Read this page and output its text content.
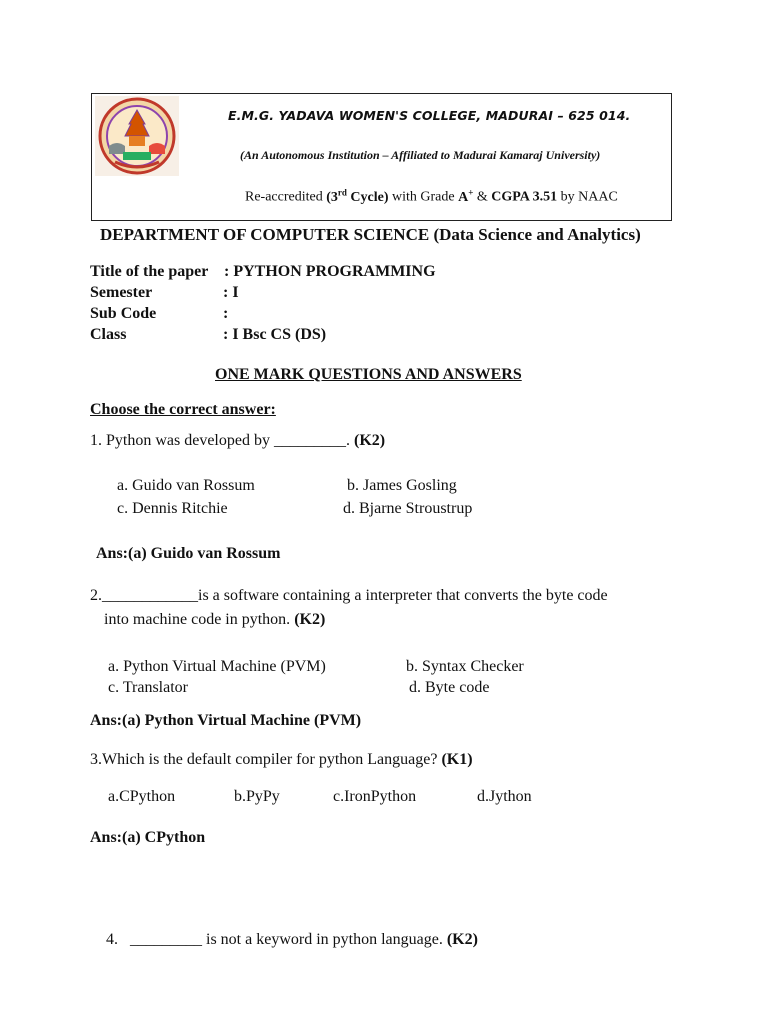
E.M.G. YADAVA WOMEN'S COLLEGE, MADURAI – 625 014.
(An Autonomous Institution – Affiliated to Madurai Kamaraj University)
Re-accredited (3rd Cycle) with Grade A+ & CGPA 3.51 by NAAC
DEPARTMENT OF COMPUTER SCIENCE (Data Science and Analytics)
Title of the paper : PYTHON PROGRAMMING
Semester	: I
Sub Code	:
Class	: I Bsc CS (DS)
ONE MARK QUESTIONS AND ANSWERS
Choose the correct answer:
1. Python was developed by _________. (K2)
a. Guido van Rossum	b. James Gosling
c. Dennis Ritchie	d. Bjarne Stroustrup
Ans:(a) Guido van Rossum
2.____________is a software containing a interpreter that converts the byte code
into machine code in python. (K2)
a. Python Virtual Machine (PVM)	b. Syntax Checker
c. Translator	d. Byte code
Ans:(a) Python Virtual Machine (PVM)
3.Which is the default compiler for python Language? (K1)
a.CPython	b.PyPy	c.IronPython	d.Jython
Ans:(a) CPython

4.   _________ is not a keyword in python language. (K2)
